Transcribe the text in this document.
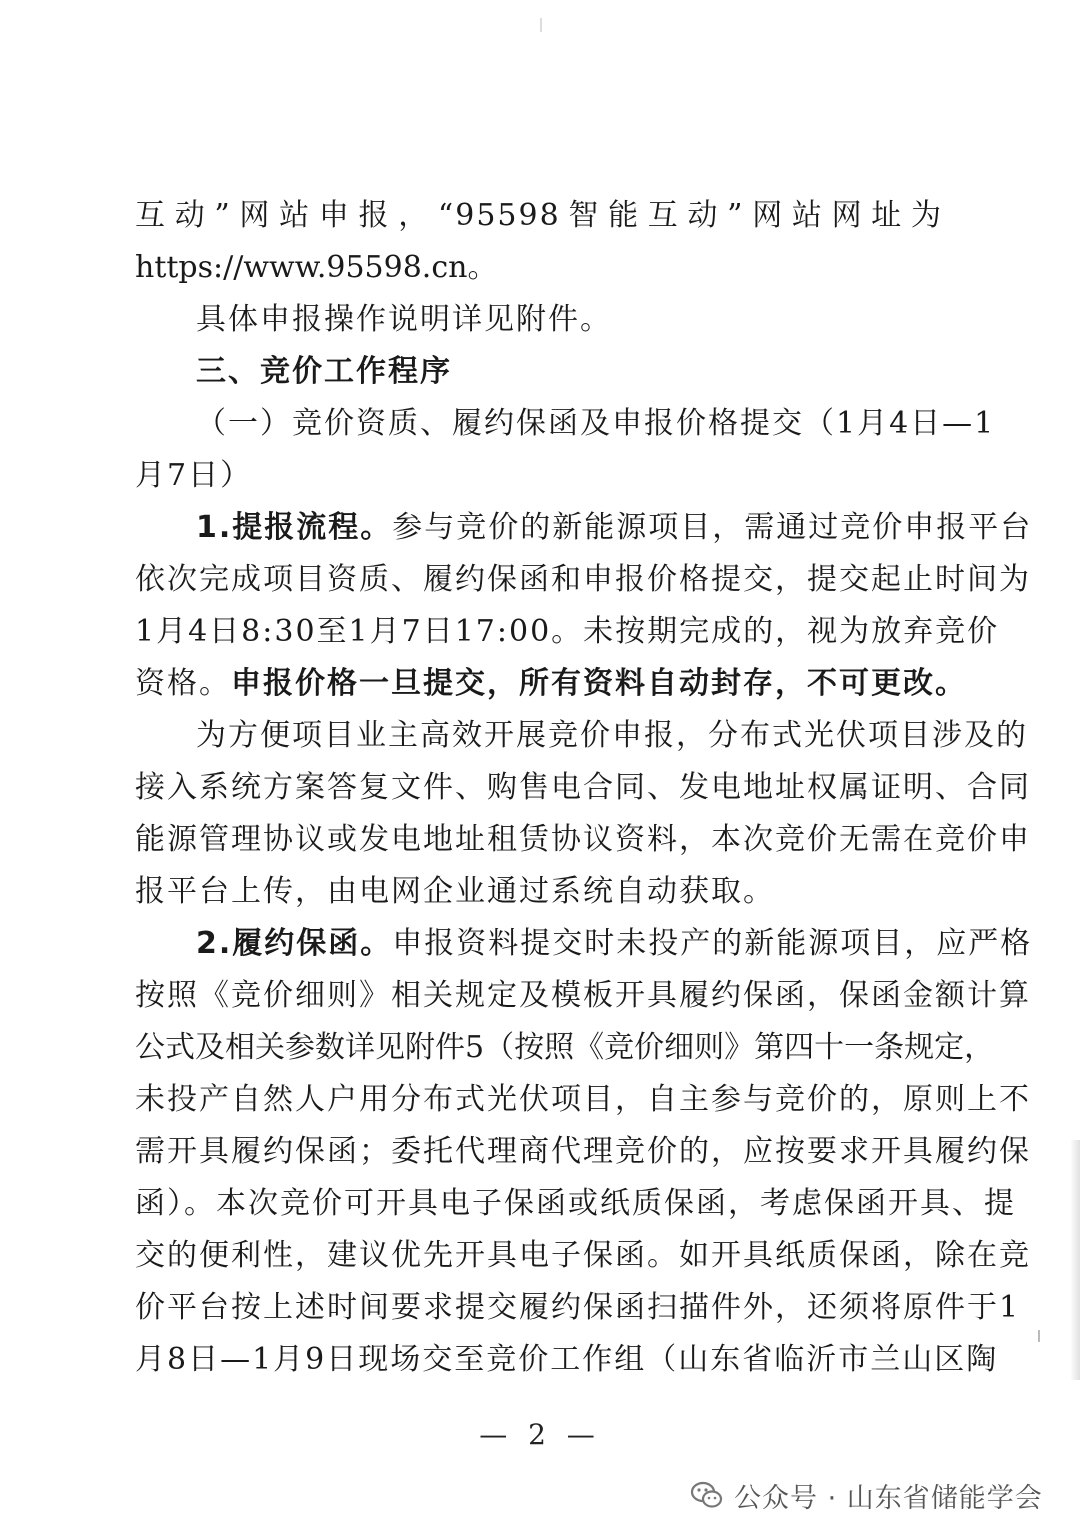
互动”网站申报，“95598智能互动”网站网址为
https://www.95598.cn。
具体申报操作说明详见附件。
三、竞价工作程序
（一）竞价资质、履约保函及申报价格提交（1月4日—1
月7日）
1.提报流程。参与竞价的新能源项目，需通过竞价申报平台
依次完成项目资质、履约保函和申报价格提交，提交起止时间为
1月4日8:30至1月7日17:00。未按期完成的，视为放弃竞价
资格。申报价格一旦提交，所有资料自动封存，不可更改。
为方便项目业主高效开展竞价申报，分布式光伏项目涉及的
接入系统方案答复文件、购售电合同、发电地址权属证明、合同
能源管理协议或发电地址租赁协议资料，本次竞价无需在竞价申
报平台上传，由电网企业通过系统自动获取。
2.履约保函。申报资料提交时未投产的新能源项目，应严格
按照《竞价细则》相关规定及模板开具履约保函，保函金额计算
公式及相关参数详见附件5（按照《竞价细则》第四十一条规定，
未投产自然人户用分布式光伏项目，自主参与竞价的，原则上不
需开具履约保函；委托代理商代理竞价的，应按要求开具履约保
函）。本次竞价可开具电子保函或纸质保函，考虑保函开具、提
交的便利性，建议优先开具电子保函。如开具纸质保函，除在竞
价平台按上述时间要求提交履约保函扫描件外，还须将原件于1
月8日—1月9日现场交至竞价工作组（山东省临沂市兰山区陶
— 2 —
公众号 · 山东省储能学会
